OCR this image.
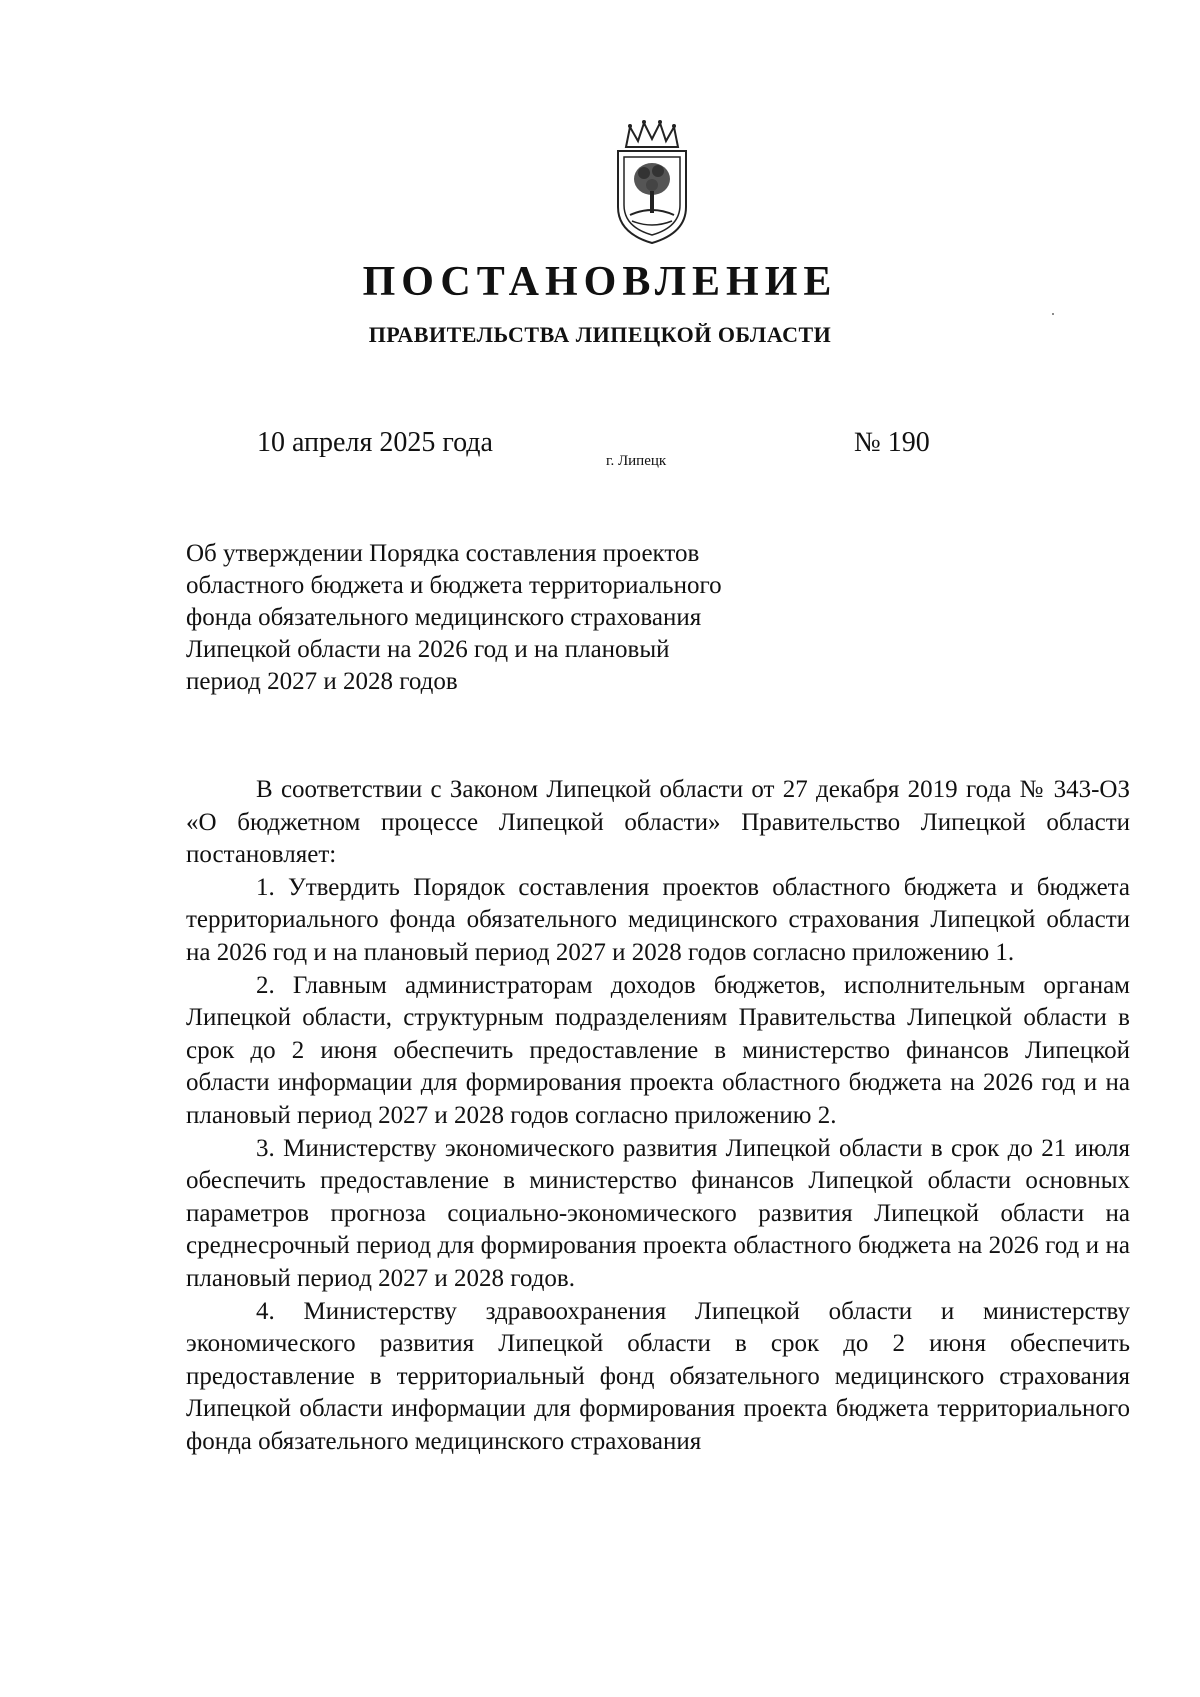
ПОСТАНОВЛЕНИЕ
ПРАВИТЕЛЬСТВА ЛИПЕЦКОЙ ОБЛАСТИ
10 апреля 2025 года
г. Липецк
№ 190
Об утверждении Порядка составления проектов
областного бюджета и бюджета территориального
фонда обязательного медицинского страхования
Липецкой области на 2026 год и на плановый
период 2027 и 2028 годов

В соответствии с Законом Липецкой области от 27 декабря 2019 года № 343-ОЗ «О бюджетном процессе Липецкой области» Правительство Липецкой области постановляет:

1. Утвердить Порядок составления проектов областного бюджета и бюджета территориального фонда обязательного медицинского страхования Липецкой области на 2026 год и на плановый период 2027 и 2028 годов согласно приложению 1.

2. Главным администраторам доходов бюджетов, исполнительным органам Липецкой области, структурным подразделениям Правительства Липецкой области в срок до 2 июня обеспечить предоставление в министерство финансов Липецкой области информации для формирования проекта областного бюджета на 2026 год и на плановый период 2027 и 2028 годов согласно приложению 2.

3. Министерству экономического развития Липецкой области в срок до 21 июля обеспечить предоставление в министерство финансов Липецкой области основных параметров прогноза социально-экономического развития Липецкой области на среднесрочный период для формирования проекта областного бюджета на 2026 год и на плановый период 2027 и 2028 годов.

4. Министерству здравоохранения Липецкой области и министерству экономического развития Липецкой области в срок до 2 июня обеспечить предоставление в территориальный фонд обязательного медицинского страхования Липецкой области информации для формирования проекта бюджета территориального фонда обязательного медицинского страхования
